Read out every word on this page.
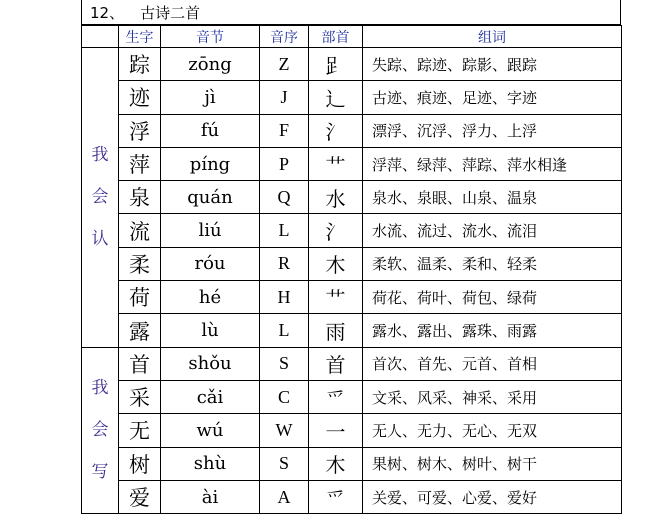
12、 古诗二首
	生字	音节	音序	部首	组词

我
会
认	踪	zōng	Z	𧾷	失踪、踪迹、踪影、跟踪
	迹	jì	J	辶	古迹、痕迹、足迹、字迹
	浮	fú	F	氵	漂浮、沉浮、浮力、上浮
	萍	píng	P	艹	浮萍、绿萍、萍踪、萍水相逢
	泉	quán	Q	水	泉水、泉眼、山泉、温泉
	流	liú	L	氵	水流、流过、流水、流泪
	柔	róu	R	木	柔软、温柔、柔和、轻柔
	荷	hé	H	艹	荷花、荷叶、荷包、绿荷
	露	lù	L	雨	露水、露出、露珠、雨露

我
会
写	首	shǒu	S	首	首次、首先、元首、首相
	采	cǎi	C	爫	文采、风采、神采、采用
	无	wú	W	一	无人、无力、无心、无双
	树	shù	S	木	果树、树木、树叶、树干
	爱	ài	A	爫	关爱、可爱、心爱、爱好
